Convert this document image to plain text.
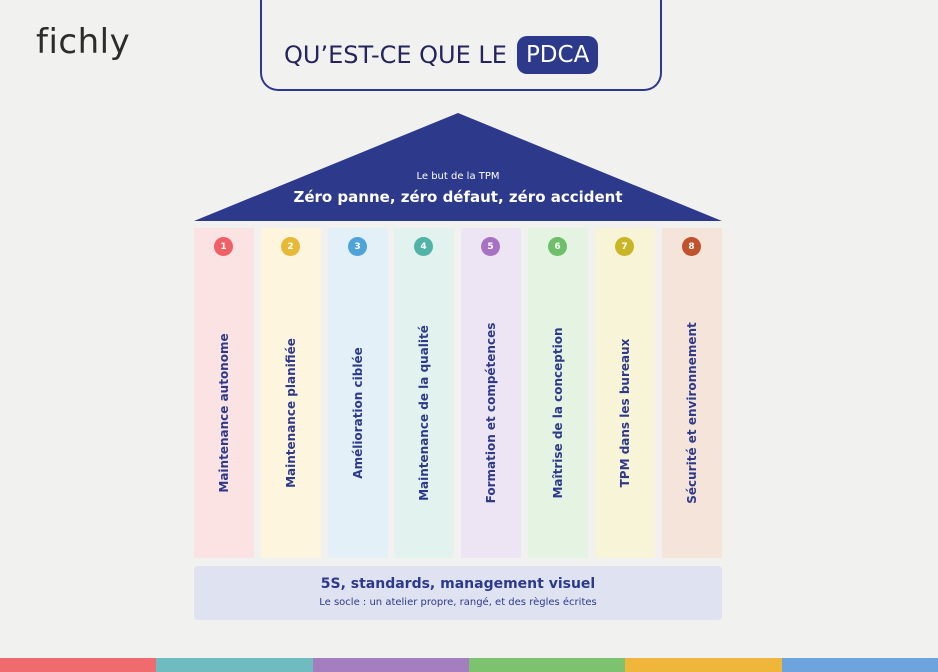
fichly	QU’EST-CE QUE LE PDCA
Le but de la TPM
Zéro panne, zéro défaut, zéro accident
1
Maintenance autonome
2
Maintenance planifiée
3
Amélioration ciblée
4
Maintenance de la qualité
5
Formation et compétences
6
Maîtrise de la conception
7
TPM dans les bureaux
8
Sécurité et environnement
5S, standards, management visuel
Le socle : un atelier propre, rangé, et des règles écrites
